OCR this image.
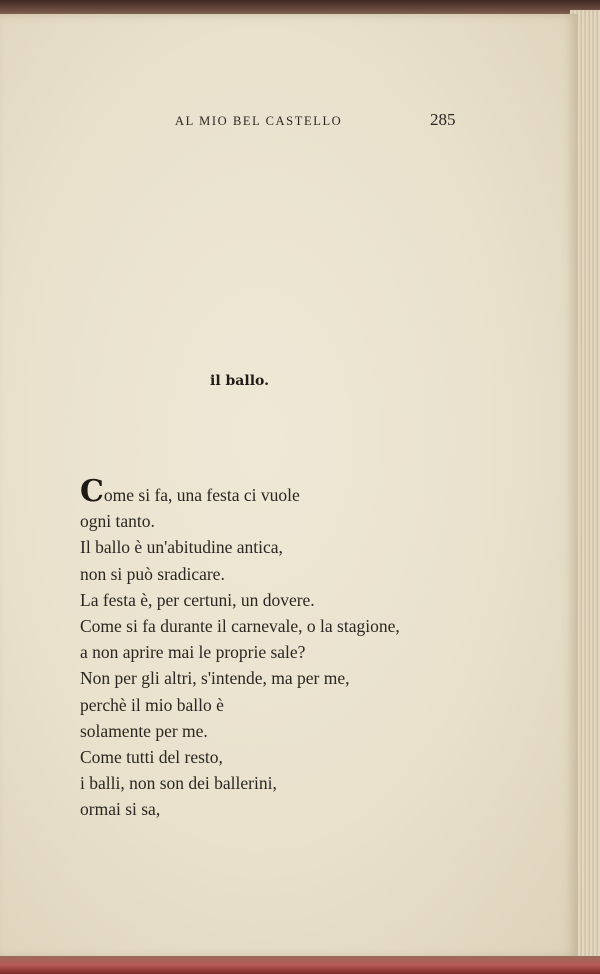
AL MIO BEL CASTELLO	285
il ballo.
Come si fa, una festa ci vuole
ogni tanto.
Il ballo è un'abitudine antica,
non si può sradicare.
La festa è, per certuni, un dovere.
Come si fa durante il carnevale, o la stagione,
a non aprire mai le proprie sale?
Non per gli altri, s'intende, ma per me,
perchè il mio ballo è
solamente per me.
Come tutti del resto,
i balli, non son dei ballerini,
ormai si sa,
